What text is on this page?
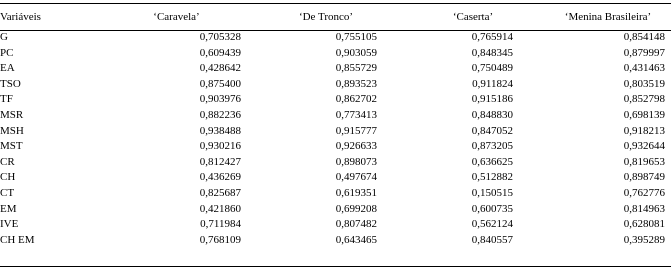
Variáveis	‘Caravela’	‘De Tronco’	‘Caserta’	‘Menina Brasileira’
G	0,705328	0,755105	0,765914	0,854148
PC	0,609439	0,903059	0,848345	0,879997
EA	0,428642	0,855729	0,750489	0,431463
TSO	0,875400	0,893523	0,911824	0,803519
TF	0,903976	0,862702	0,915186	0,852798
MSR	0,882236	0,773413	0,848830	0,698139
MSH	0,938488	0,915777	0,847052	0,918213
MST	0,930216	0,926633	0,873205	0,932644
CR	0,812427	0,898073	0,636625	0,819653
CH	0,436269	0,497674	0,512882	0,898749
CT	0,825687	0,619351	0,150515	0,762776
EM	0,421860	0,699208	0,600735	0,814963
IVE	0,711984	0,807482	0,562124	0,628081
CH EM	0,768109	0,643465	0,840557	0,395289
